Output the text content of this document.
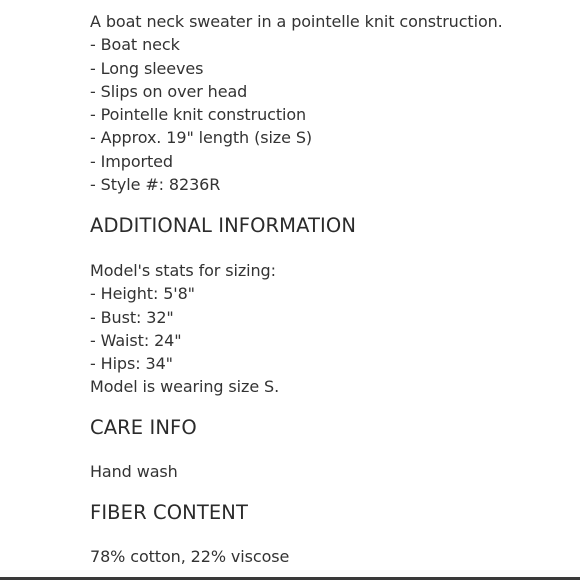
A boat neck sweater in a pointelle knit construction.
- Boat neck
- Long sleeves
- Slips on over head
- Pointelle knit construction
- Approx. 19" length (size S)
- Imported
- Style #: 8236R
ADDITIONAL INFORMATION
Model's stats for sizing:
- Height: 5'8"
- Bust: 32"
- Waist: 24"
- Hips: 34"
Model is wearing size S.
CARE INFO
Hand wash
FIBER CONTENT
78% cotton, 22% viscose
